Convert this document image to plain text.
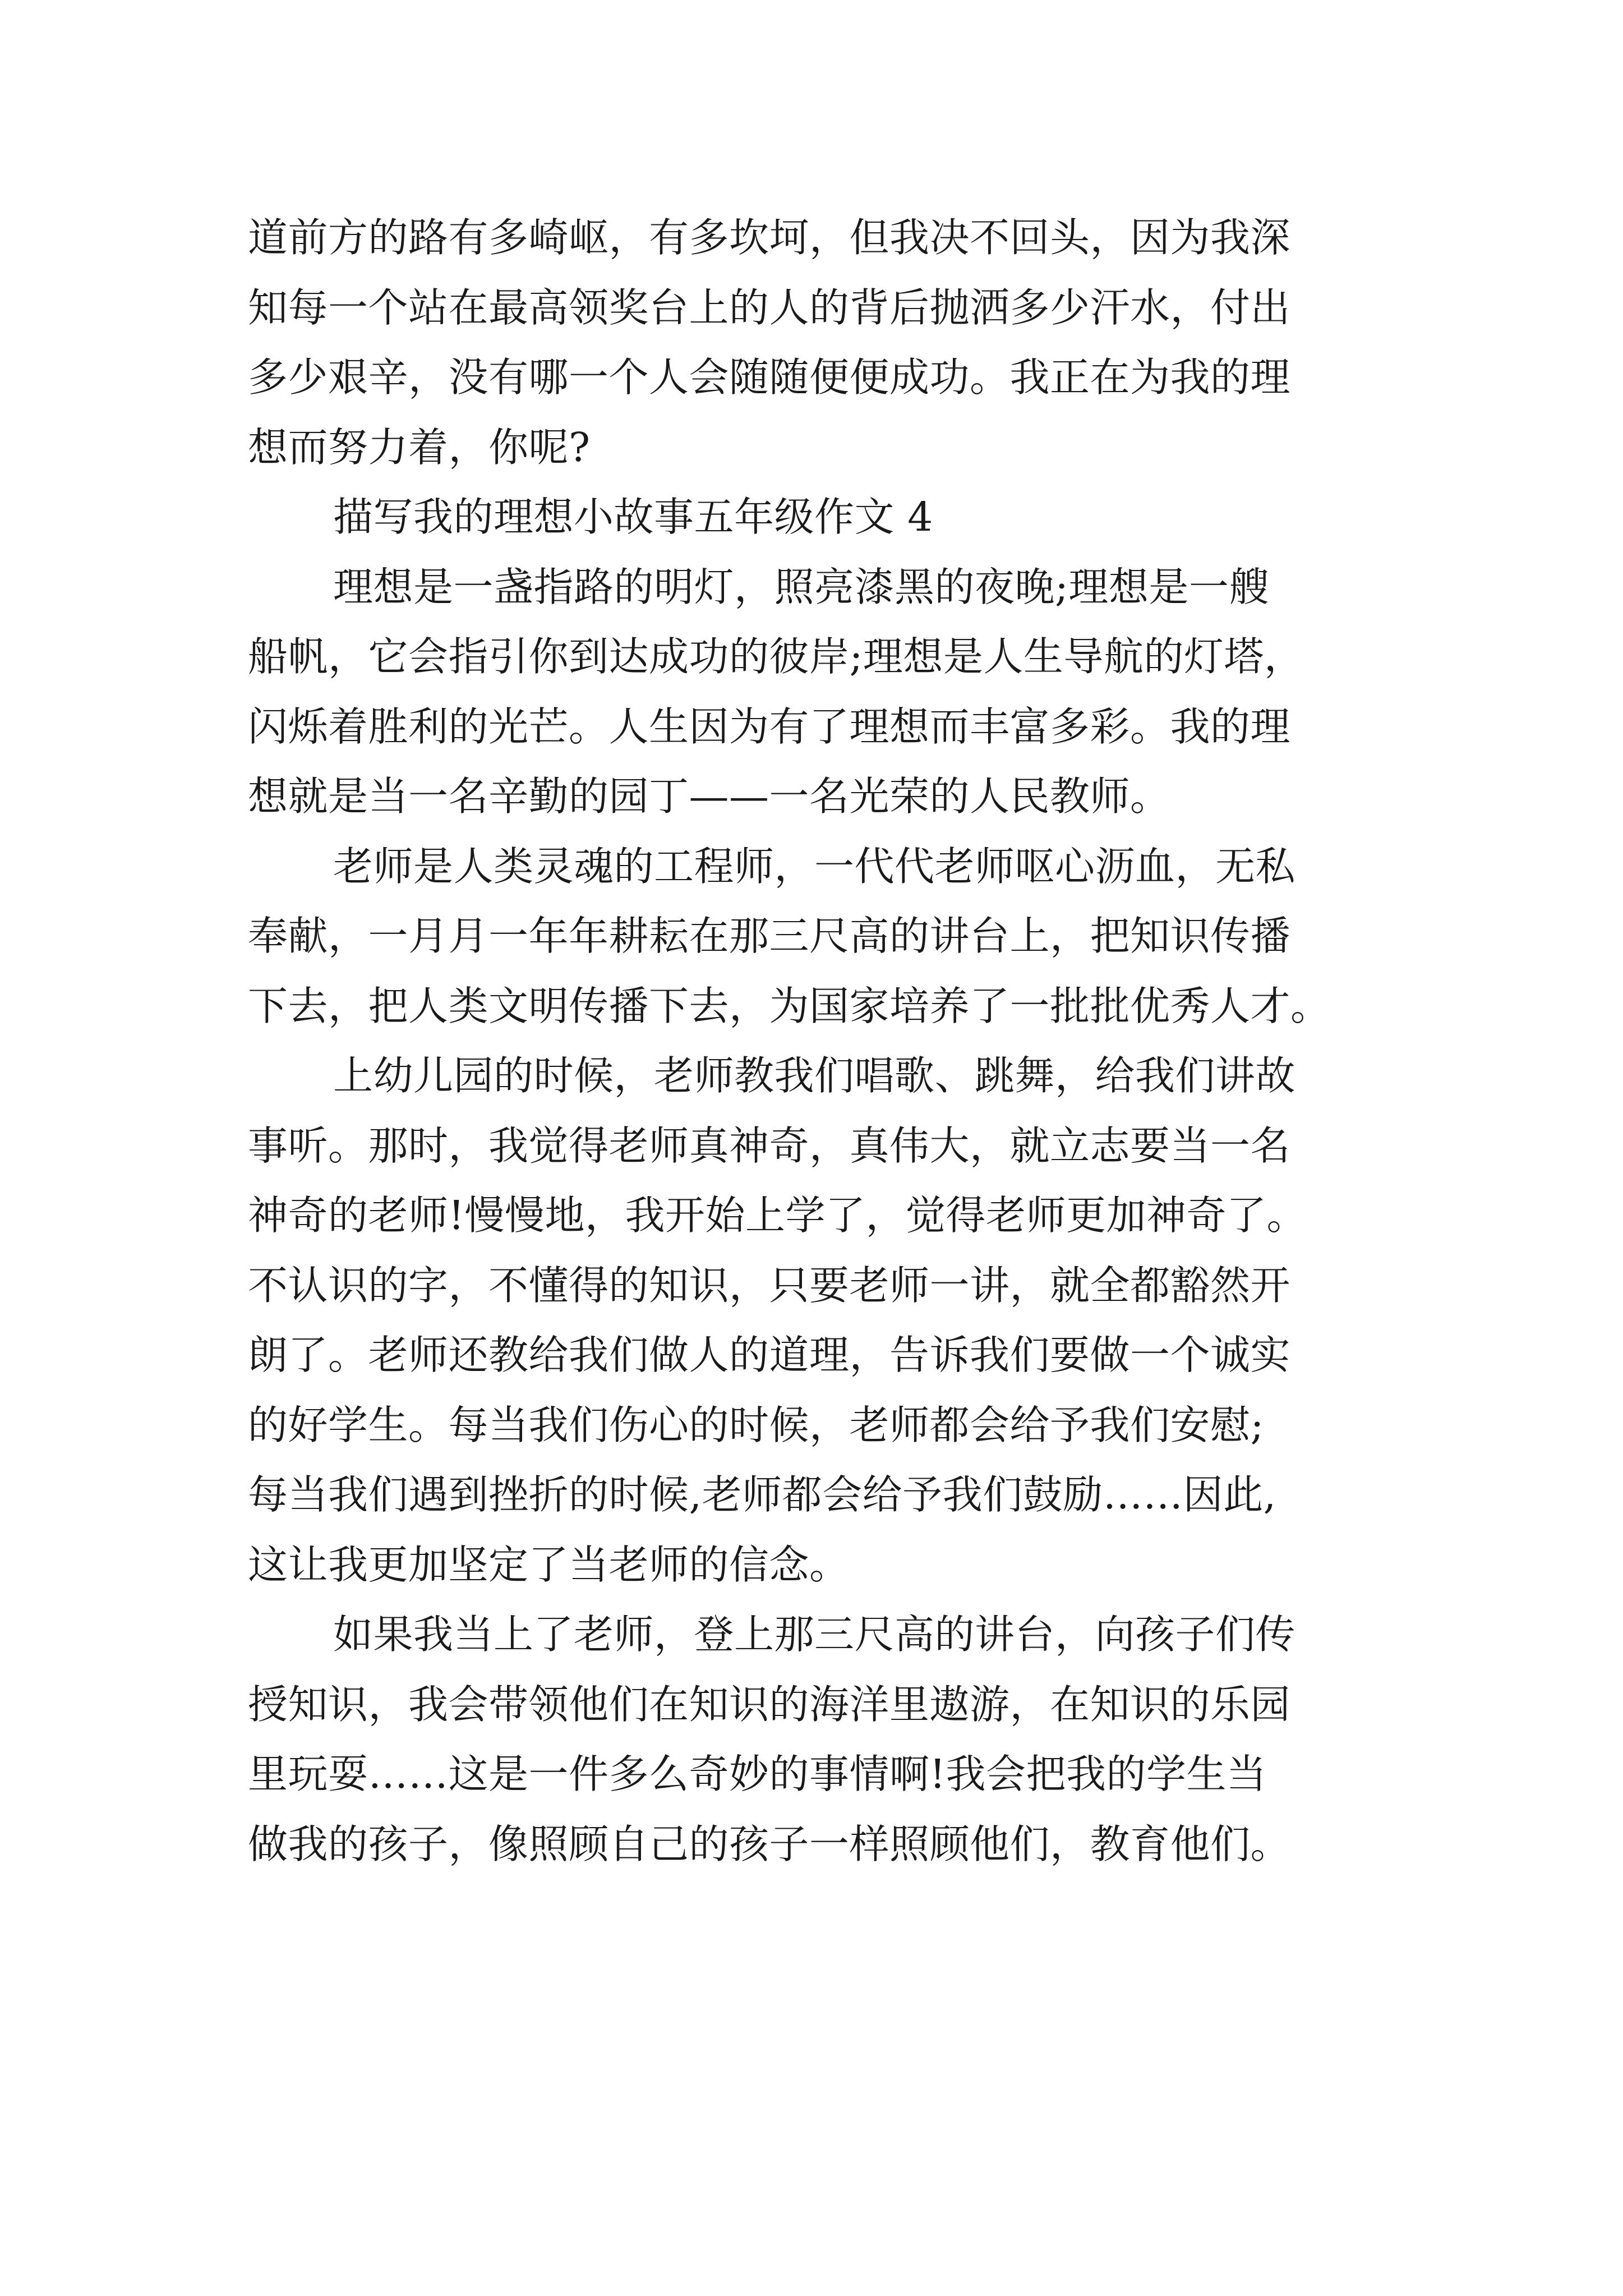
道前方的路有多崎岖，有多坎坷，但我决不回头，因为我深
知每一个站在最高领奖台上的人的背后抛洒多少汗水，付出
多少艰辛，没有哪一个人会随随便便成功。我正在为我的理
想而努力着，你呢?
描写我的理想小故事五年级作文 4
理想是一盏指路的明灯，照亮漆黑的夜晚;理想是一艘
船帆，它会指引你到达成功的彼岸;理想是人生导航的灯塔，
闪烁着胜利的光芒。人生因为有了理想而丰富多彩。我的理
想就是当一名辛勤的园丁——一名光荣的人民教师。
老师是人类灵魂的工程师，一代代老师呕心沥血，无私
奉献，一月月一年年耕耘在那三尺高的讲台上，把知识传播
下去，把人类文明传播下去，为国家培养了一批批优秀人才。
上幼儿园的时候，老师教我们唱歌、跳舞，给我们讲故
事听。那时，我觉得老师真神奇，真伟大，就立志要当一名
神奇的老师!慢慢地，我开始上学了，觉得老师更加神奇了。
不认识的字，不懂得的知识，只要老师一讲，就全都豁然开
朗了。老师还教给我们做人的道理，告诉我们要做一个诚实
的好学生。每当我们伤心的时候，老师都会给予我们安慰;
每当我们遇到挫折的时候,老师都会给予我们鼓励……因此,
这让我更加坚定了当老师的信念。
如果我当上了老师，登上那三尺高的讲台，向孩子们传
授知识，我会带领他们在知识的海洋里遨游，在知识的乐园
里玩耍……这是一件多么奇妙的事情啊!我会把我的学生当
做我的孩子，像照顾自己的孩子一样照顾他们，教育他们。
